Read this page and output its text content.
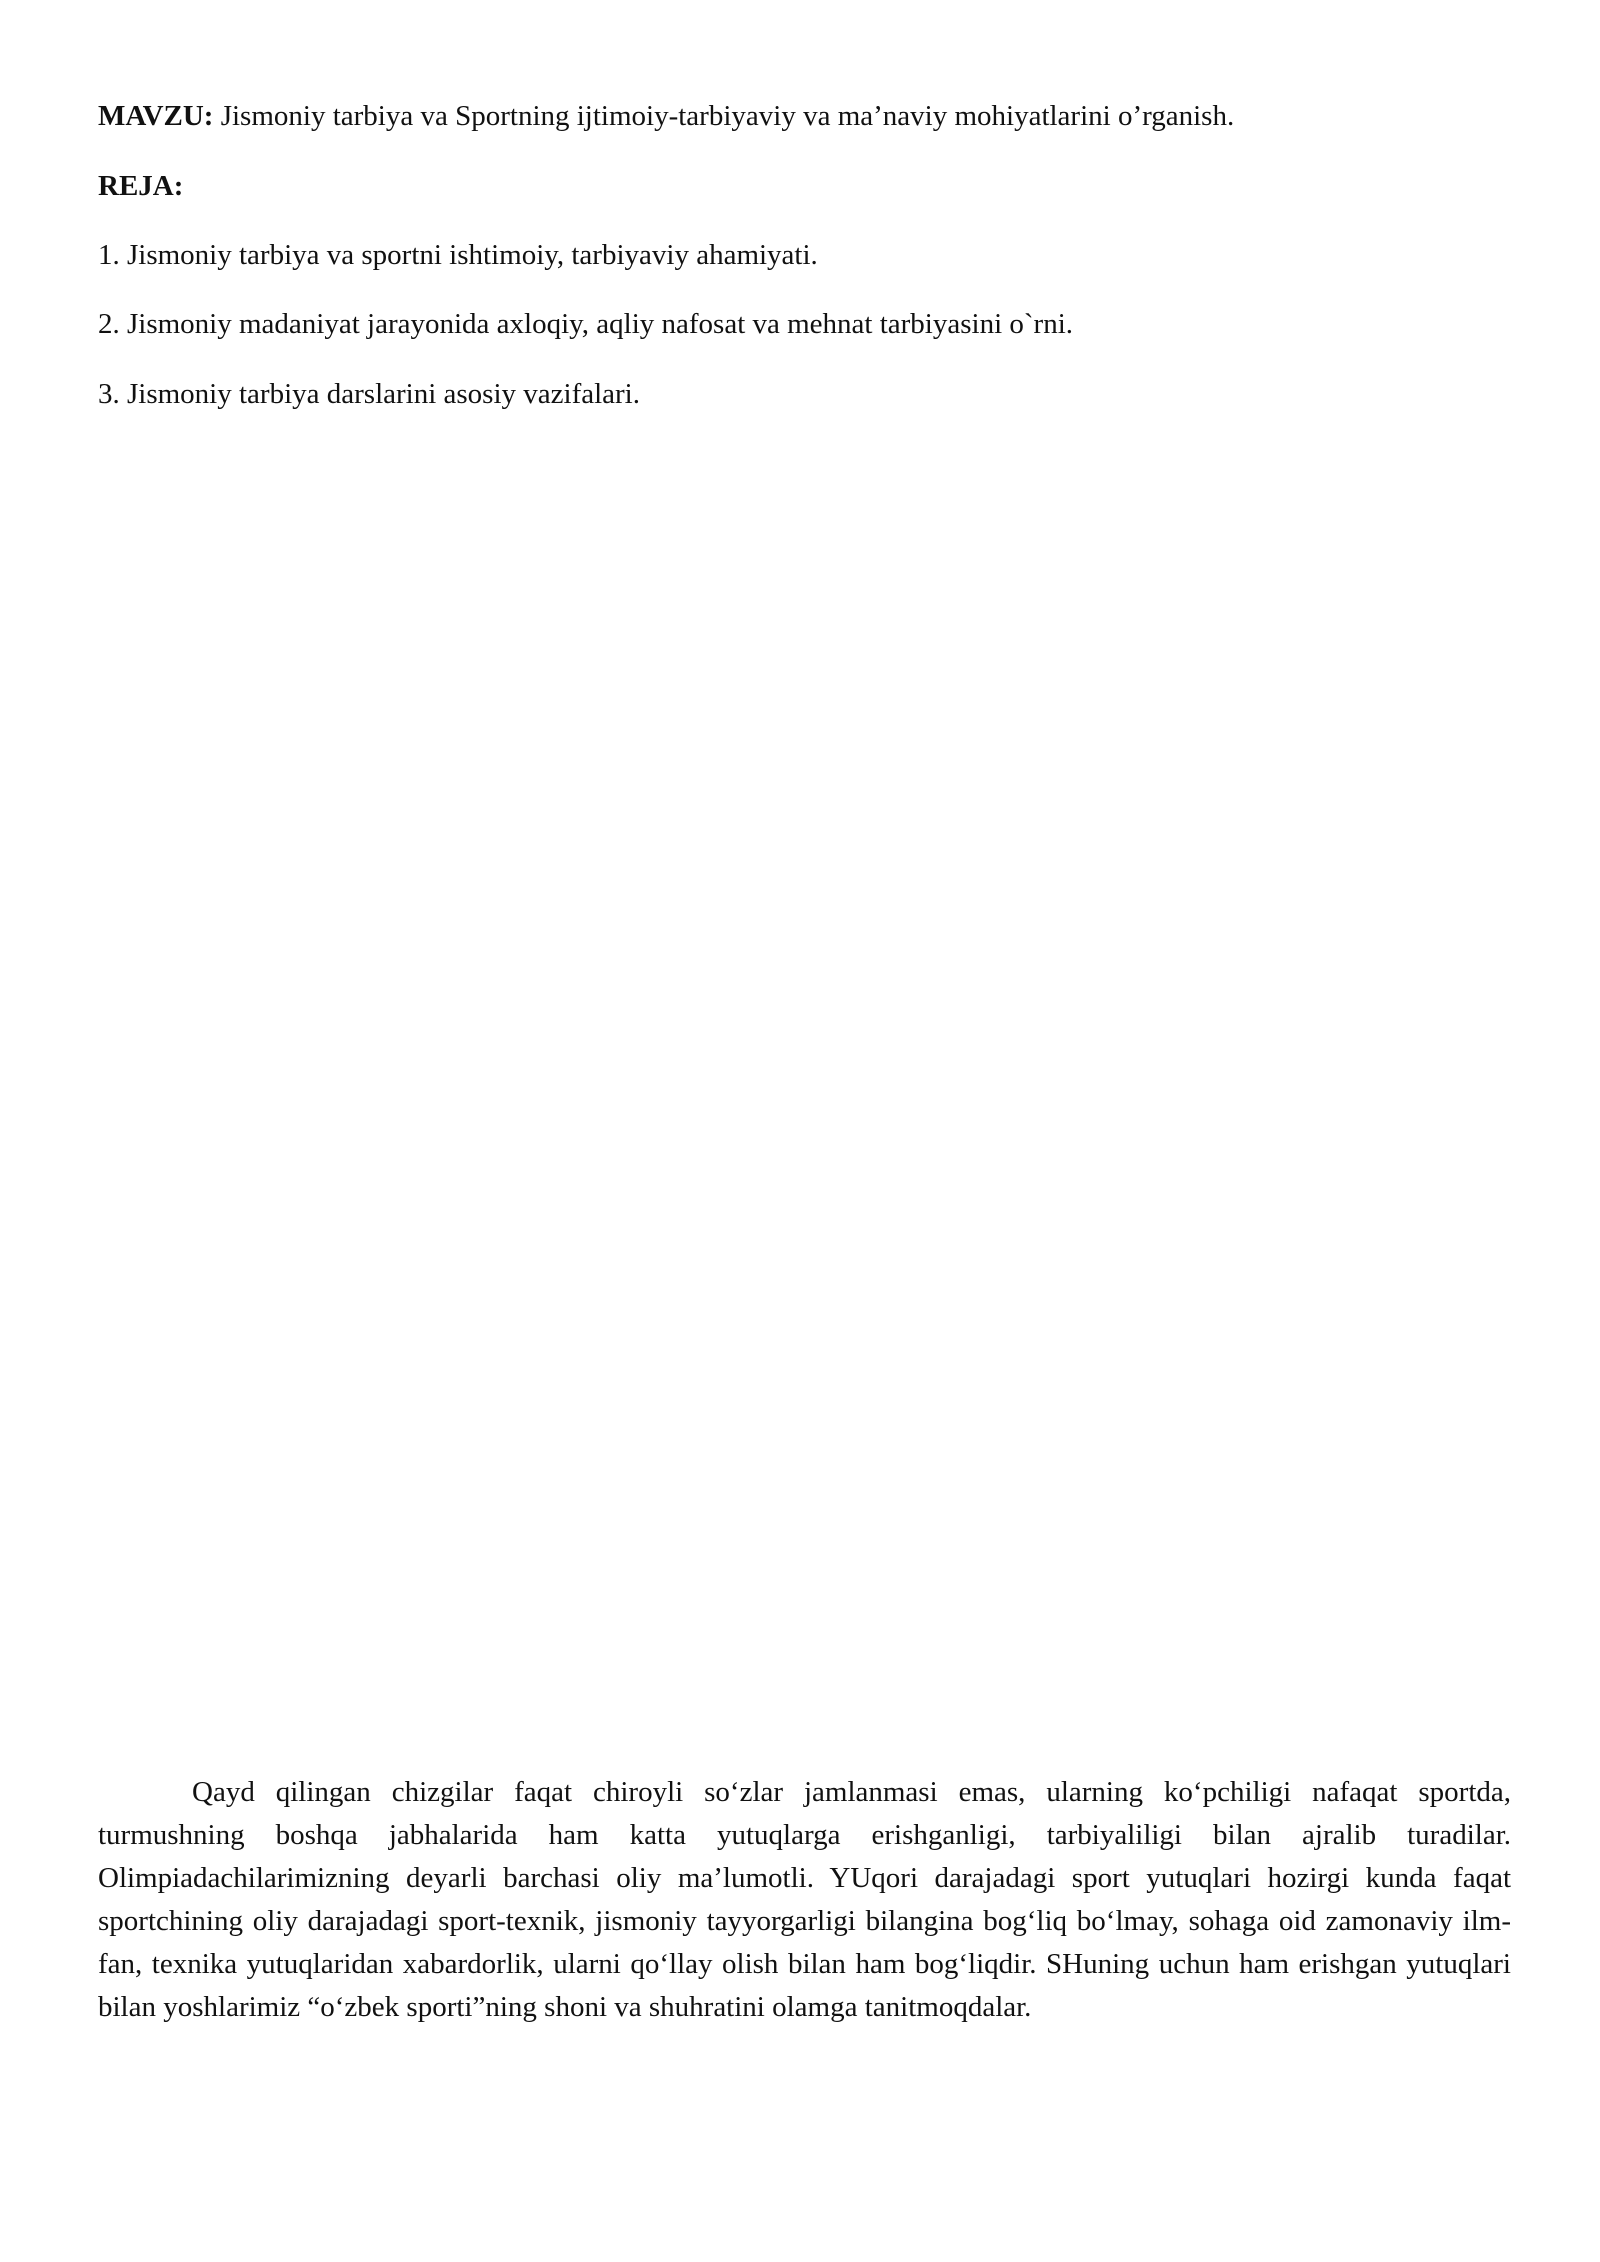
MAVZU: Jismoniy tarbiya va Sportning ijtimoiy-tarbiyaviy va ma’naviy mohiyatlarini o’rganish.
REJA:
1. Jismoniy tarbiya va sportni ishtimoiy, tarbiyaviy ahamiyati.
2. Jismoniy madaniyat jarayonida axloqiy, aqliy nafosat va mehnat tarbiyasini o`rni.
3. Jismoniy tarbiya darslarini asosiy vazifalari.

Qayd qilingan chizgilar faqat chiroyli so‘zlar jamlanmasi emas, ularning ko‘pchiligi nafaqat sportda, turmushning boshqa jabhalarida ham katta yutuqlarga erishganligi, tarbiyaliligi bilan ajralib turadilar. Olimpiadachilarimizning deyarli barchasi oliy ma’lumotli. YUqori darajadagi sport yutuqlari hozirgi kunda faqat sportchining oliy darajadagi sport-texnik, jismoniy tayyorgarligi bilangina bog‘liq bo‘lmay, sohaga oid zamonaviy ilm-fan, texnika yutuqlaridan xabardorlik, ularni qo‘llay olish bilan ham bog‘liqdir. SHuning uchun ham erishgan yutuqlari bilan yoshlarimiz “o‘zbek sporti”ning shoni va shuhratini olamga tanitmoqdalar.
